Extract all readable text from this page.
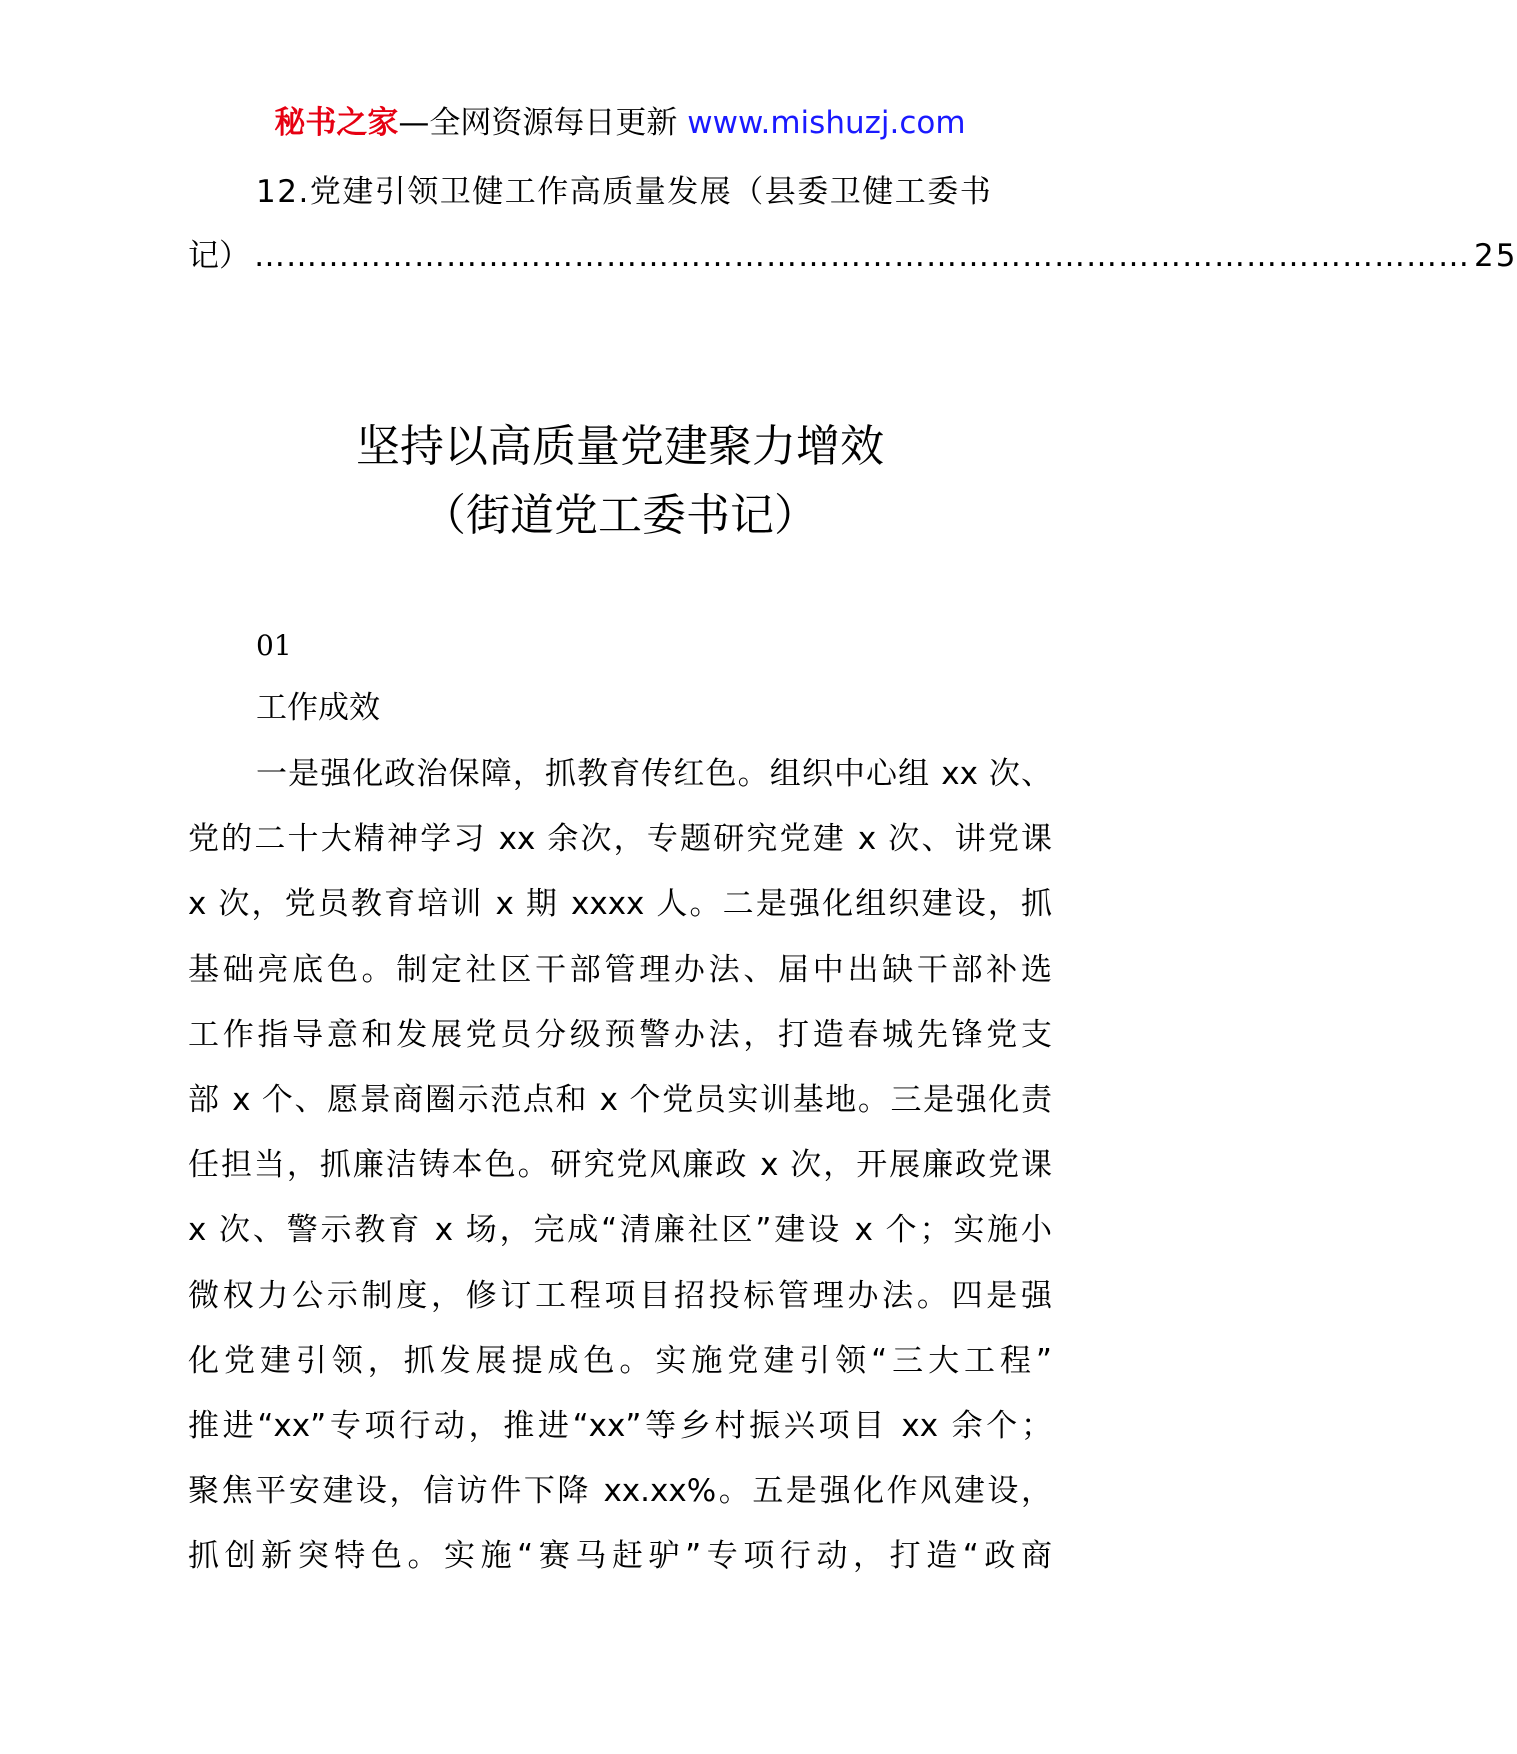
秘书之家—全网资源每日更新 www.mishuzj.com
12.党建引领卫健工作高质量发展（县委卫健工委书
记） …………………………………………………………………………………………………… 25
坚持以高质量党建聚力增效
（街道党工委书记）
01
工作成效
一是强化政治保障，抓教育传红色。组织中心组 xx 次、
党的二十大精神学习 xx 余次，专题研究党建 x 次、讲党课
x 次，党员教育培训 x 期 xxxx 人。二是强化组织建设，抓
基础亮底色。制定社区干部管理办法、届中出缺干部补选
工作指导意和发展党员分级预警办法，打造春城先锋党支
部 x 个、愿景商圈示范点和 x 个党员实训基地。三是强化责
任担当，抓廉洁铸本色。研究党风廉政 x 次，开展廉政党课
x 次、警示教育 x 场，完成“清廉社区”建设 x 个；实施小
微权力公示制度，修订工程项目招投标管理办法。四是强
化党建引领，抓发展提成色。实施党建引领“三大工程”
推进“xx”专项行动，推进“xx”等乡村振兴项目 xx 余个；
聚焦平安建设，信访件下降 xx.xx%。五是强化作风建设，
抓创新突特色。实施“赛马赶驴”专项行动，打造“政商
